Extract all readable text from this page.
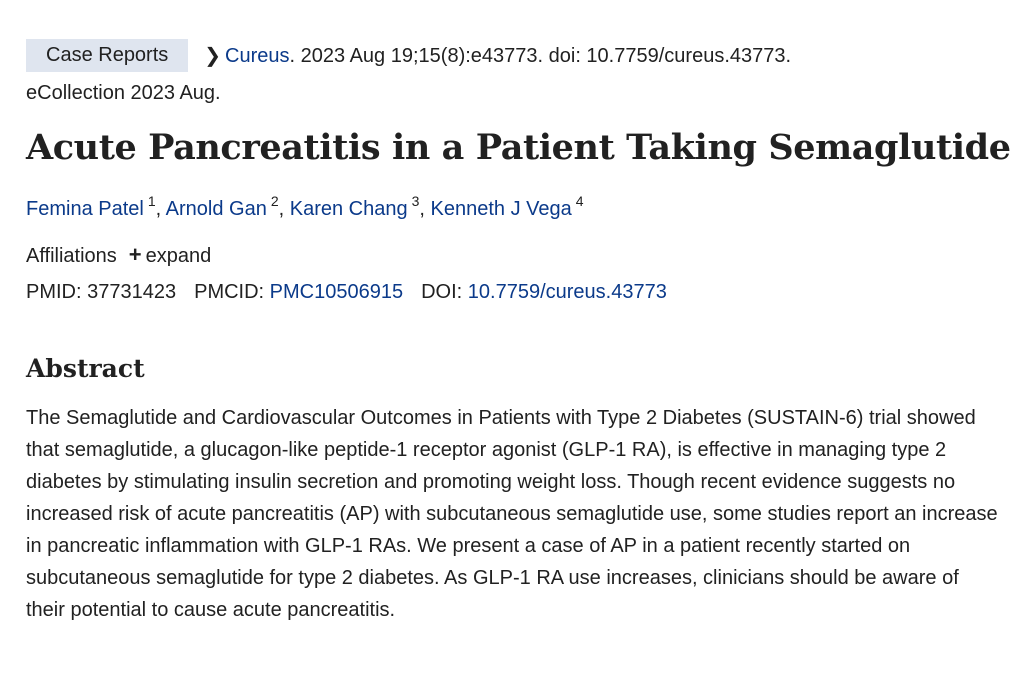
Case Reports ❯ Cureus. 2023 Aug 19;15(8):e43773. doi: 10.7759/cureus.43773.
eCollection 2023 Aug.
Acute Pancreatitis in a Patient Taking Semaglutide
Femina Patel $^1$, Arnold Gan $^2$, Karen Chang $^3$, Kenneth J Vega $^4$
Affiliations + expand
PMID: 37731423 PMCID: PMC10506915 DOI: 10.7759/cureus.43773
Abstract

The Semaglutide and Cardiovascular Outcomes in Patients with Type 2 Diabetes (SUSTAIN-6) trial showed that semaglutide, a glucagon-like peptide-1 receptor agonist (GLP-1 RA), is effective in managing type 2 diabetes by stimulating insulin secretion and promoting weight loss. Though recent evidence suggests no increased risk of acute pancreatitis (AP) with subcutaneous semaglutide use, some studies report an increase in pancreatic inflammation with GLP-1 RAs. We present a case of AP in a patient recently started on subcutaneous semaglutide for type 2 diabetes. As GLP-1 RA use increases, clinicians should be aware of their potential to cause acute pancreatitis.
